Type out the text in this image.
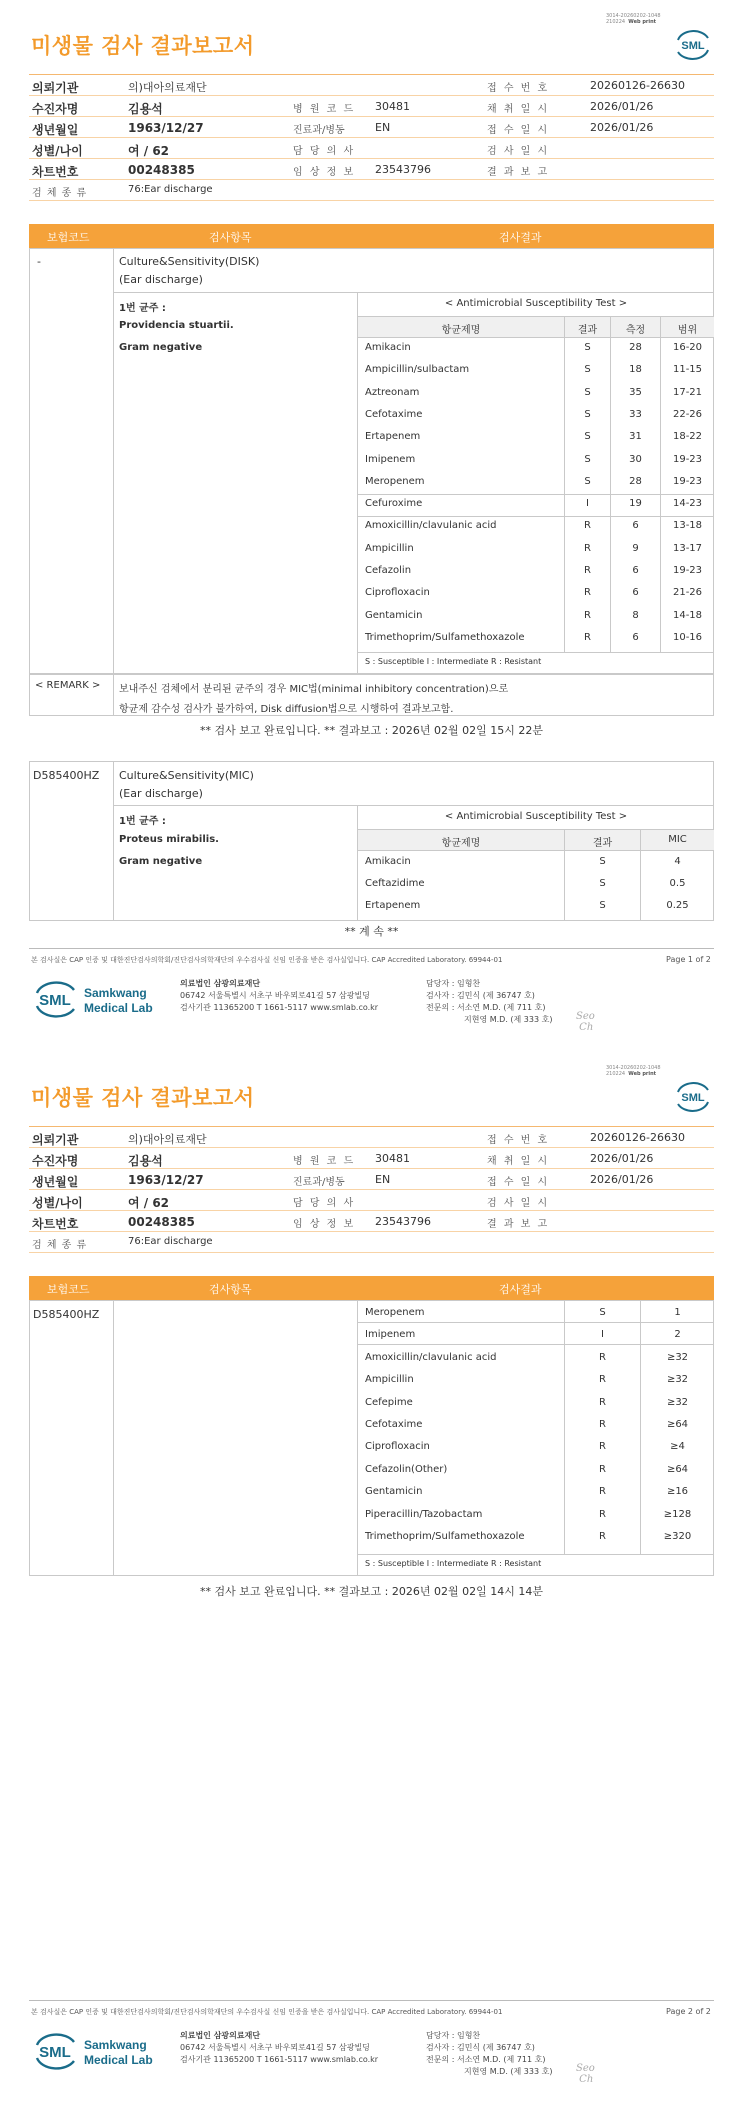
미생물 검사 결과보고서
3014-20260202-1048
210224 Web print
SML
의뢰기관	의)대아의료재단	접 수 번 호	20260126-26630
수진자명	김용석	병 원 코 드 30481	채 취 일 시	2026/01/26
생년월일	1963/12/27	진료과/병동	EN	접 수 일 시	2026/01/26
성별/나이	여 / 62	담 당 의 사	검 사 일 시
차트번호	00248385	임 상 정 보 23543796	결 과 보 고
검 체 종 류	76:Ear discharge
보험코드	검사항목	검사결과
-	Culture&Sensitivity(DISK)
(Ear discharge)
1번 균주 :
Providencia stuartii.
Gram negative
< Antimicrobial Susceptibility Test >
항균제명	결과	측정	범위
Amikacin	S	28	16-20
Ampicillin/sulbactam	S	18	11-15
Aztreonam	S	35	17-21
Cefotaxime	S	33	22-26
Ertapenem	S	31	18-22
Imipenem	S	30	19-23
Meropenem	S	28	19-23
Cefuroxime	I	19	14-23
Amoxicillin/clavulanic acid	R	6	13-18
Ampicillin	R	9	13-17
Cefazolin	R	6	19-23
Ciprofloxacin	R	6	21-26
Gentamicin	R	8	14-18
Trimethoprim/Sulfamethoxazole	R	6	10-16
S : Susceptible I : Intermediate R : Resistant
< REMARK > 보내주신 검체에서 분리된 균주의 경우 MIC법(minimal inhibitory concentration)으로
항균제 감수성 검사가 불가하여, Disk diffusion법으로 시행하여 결과보고함.
** 검사 보고 완료입니다. ** 결과보고 : 2026년 02월 02일 15시 22분
D585400HZ Culture&Sensitivity(MIC)
(Ear discharge)
1번 균주 :
Proteus mirabilis.
Gram negative
< Antimicrobial Susceptibility Test >
항균제명	결과	MIC
Amikacin	S	4
Ceftazidime	S	0.5
Ertapenem	S	0.25
** 계 속 **
본 검사실은 CAP 인증 및 대한진단검사의학회/진단검사의학재단의 우수검사실 신임 인증을 받은 검사실입니다. CAP Accredited Laboratory. 69944-01	Page 1 of 2
SML Samkwang
Medical Lab
의료법인 삼광의료재단
06742 서울특별시 서초구 바우뫼로41길 57 삼광빌딩
검사기관 11365200 T 1661-5117 www.smlab.co.kr
담당자 : 임형찬
검사자 : 김민식 (제 36747 호)
전문의 : 서소연 M.D. (제 711 호)
지현영 M.D. (제 333 호) Seo
Ch
미생물 검사 결과보고서
3014-20260202-1048
210224 Web print
SML
의뢰기관	의)대아의료재단	접 수 번 호	20260126-26630
수진자명	김용석	병 원 코 드 30481	채 취 일 시	2026/01/26
생년월일	1963/12/27	진료과/병동	EN	접 수 일 시	2026/01/26
성별/나이	여 / 62	담 당 의 사	검 사 일 시
차트번호	00248385	임 상 정 보 23543796	결 과 보 고
검 체 종 류	76:Ear discharge
보험코드	검사항목	검사결과
D585400HZ	Meropenem	S	1
Imipenem	I	2
Amoxicillin/clavulanic acid	R	≥32
Ampicillin	R	≥32
Cefepime	R	≥32
Cefotaxime	R	≥64
Ciprofloxacin	R	≥4
Cefazolin(Other)	R	≥64
Gentamicin	R	≥16
Piperacillin/Tazobactam	R	≥128
Trimethoprim/Sulfamethoxazole	R	≥320
S : Susceptible I : Intermediate R : Resistant
** 검사 보고 완료입니다. ** 결과보고 : 2026년 02월 02일 14시 14분
본 검사실은 CAP 인증 및 대한진단검사의학회/진단검사의학재단의 우수검사실 신임 인증을 받은 검사실입니다. CAP Accredited Laboratory. 69944-01	Page 2 of 2
SML Samkwang
Medical Lab
의료법인 삼광의료재단
06742 서울특별시 서초구 바우뫼로41길 57 삼광빌딩
검사기관 11365200 T 1661-5117 www.smlab.co.kr
담당자 : 임형찬
검사자 : 김민식 (제 36747 호)
전문의 : 서소연 M.D. (제 711 호)
지현영 M.D. (제 333 호) Seo
Ch
